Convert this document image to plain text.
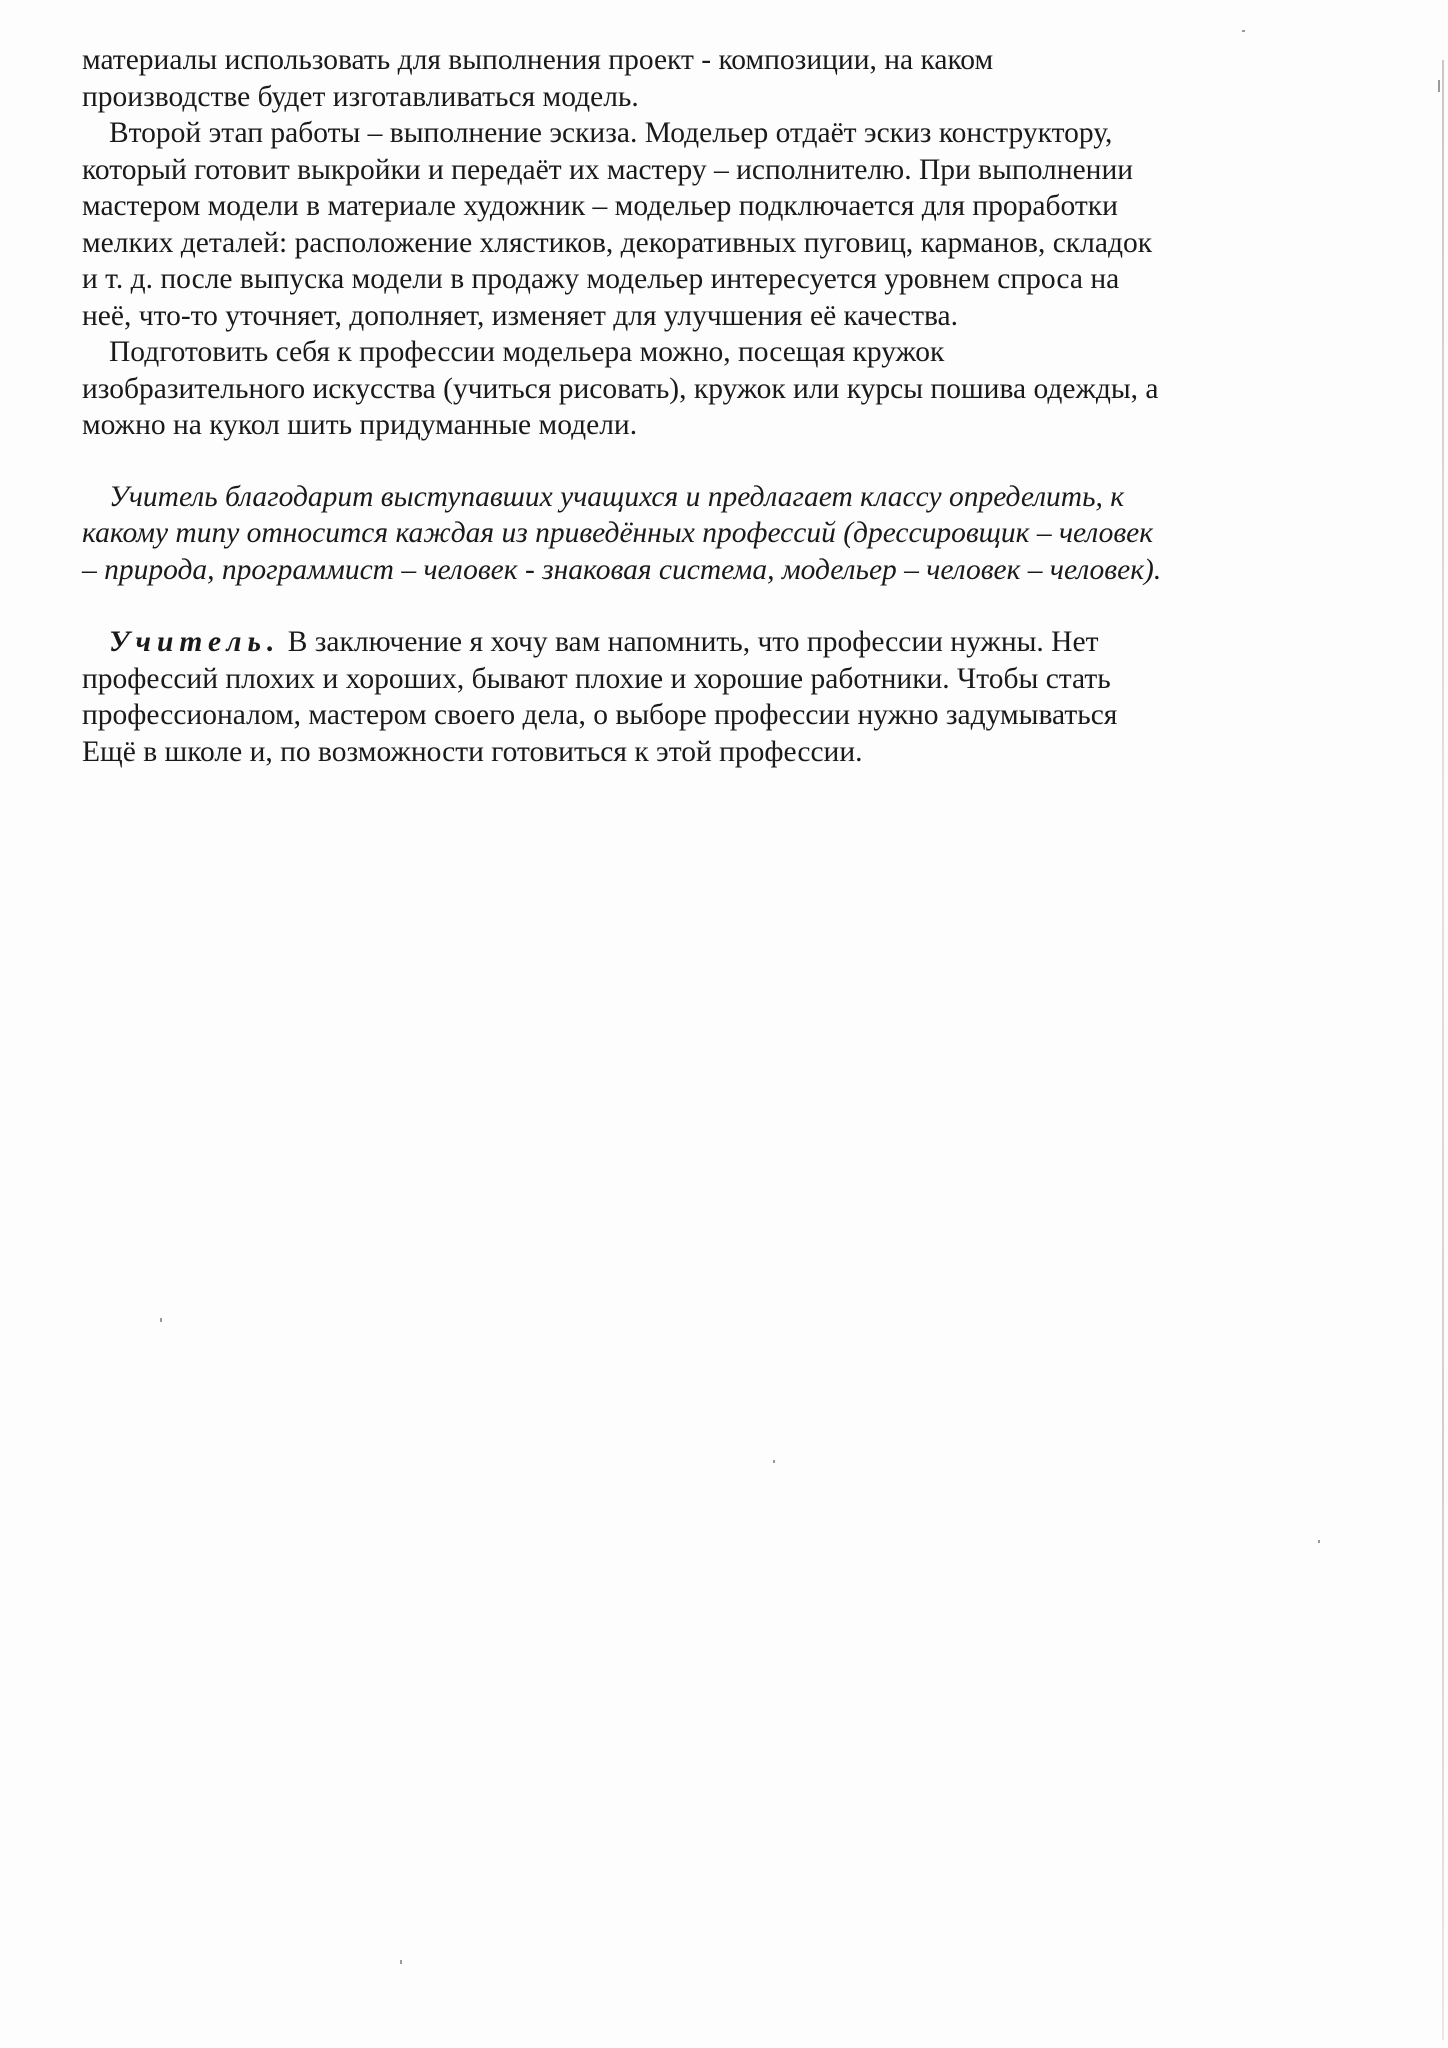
материалы использовать для выполнения проект - композиции, на каком
производстве будет изготавливаться модель.

Второй этап работы – выполнение эскиза. Модельер отдаёт эскиз конструктору,
который готовит выкройки и передаёт их мастеру – исполнителю. При выполнении
мастером модели в материале художник – модельер подключается для проработки
мелких деталей: расположение хлястиков, декоративных пуговиц, карманов, складок
и т. д. после выпуска модели в продажу модельер интересуется уровнем спроса на
неё, что-то уточняет, дополняет, изменяет для улучшения её качества.

Подготовить себя к профессии модельера можно, посещая кружок
изобразительного искусства (учиться рисовать), кружок или курсы пошива одежды, а
можно на кукол шить придуманные модели.

Учитель благодарит выступавших учащихся и предлагает классу определить, к
какому типу относится каждая из приведённых профессий (дрессировщик – человек
– природа, программист – человек - знаковая система, модельер – человек – человек).

Учитель. В заключение я хочу вам напомнить, что профессии нужны. Нет
профессий плохих и хороших, бывают плохие и хорошие работники. Чтобы стать
профессионалом, мастером своего дела, о выборе профессии нужно задумываться
Ещё в школе и, по возможности готовиться к этой профессии.
